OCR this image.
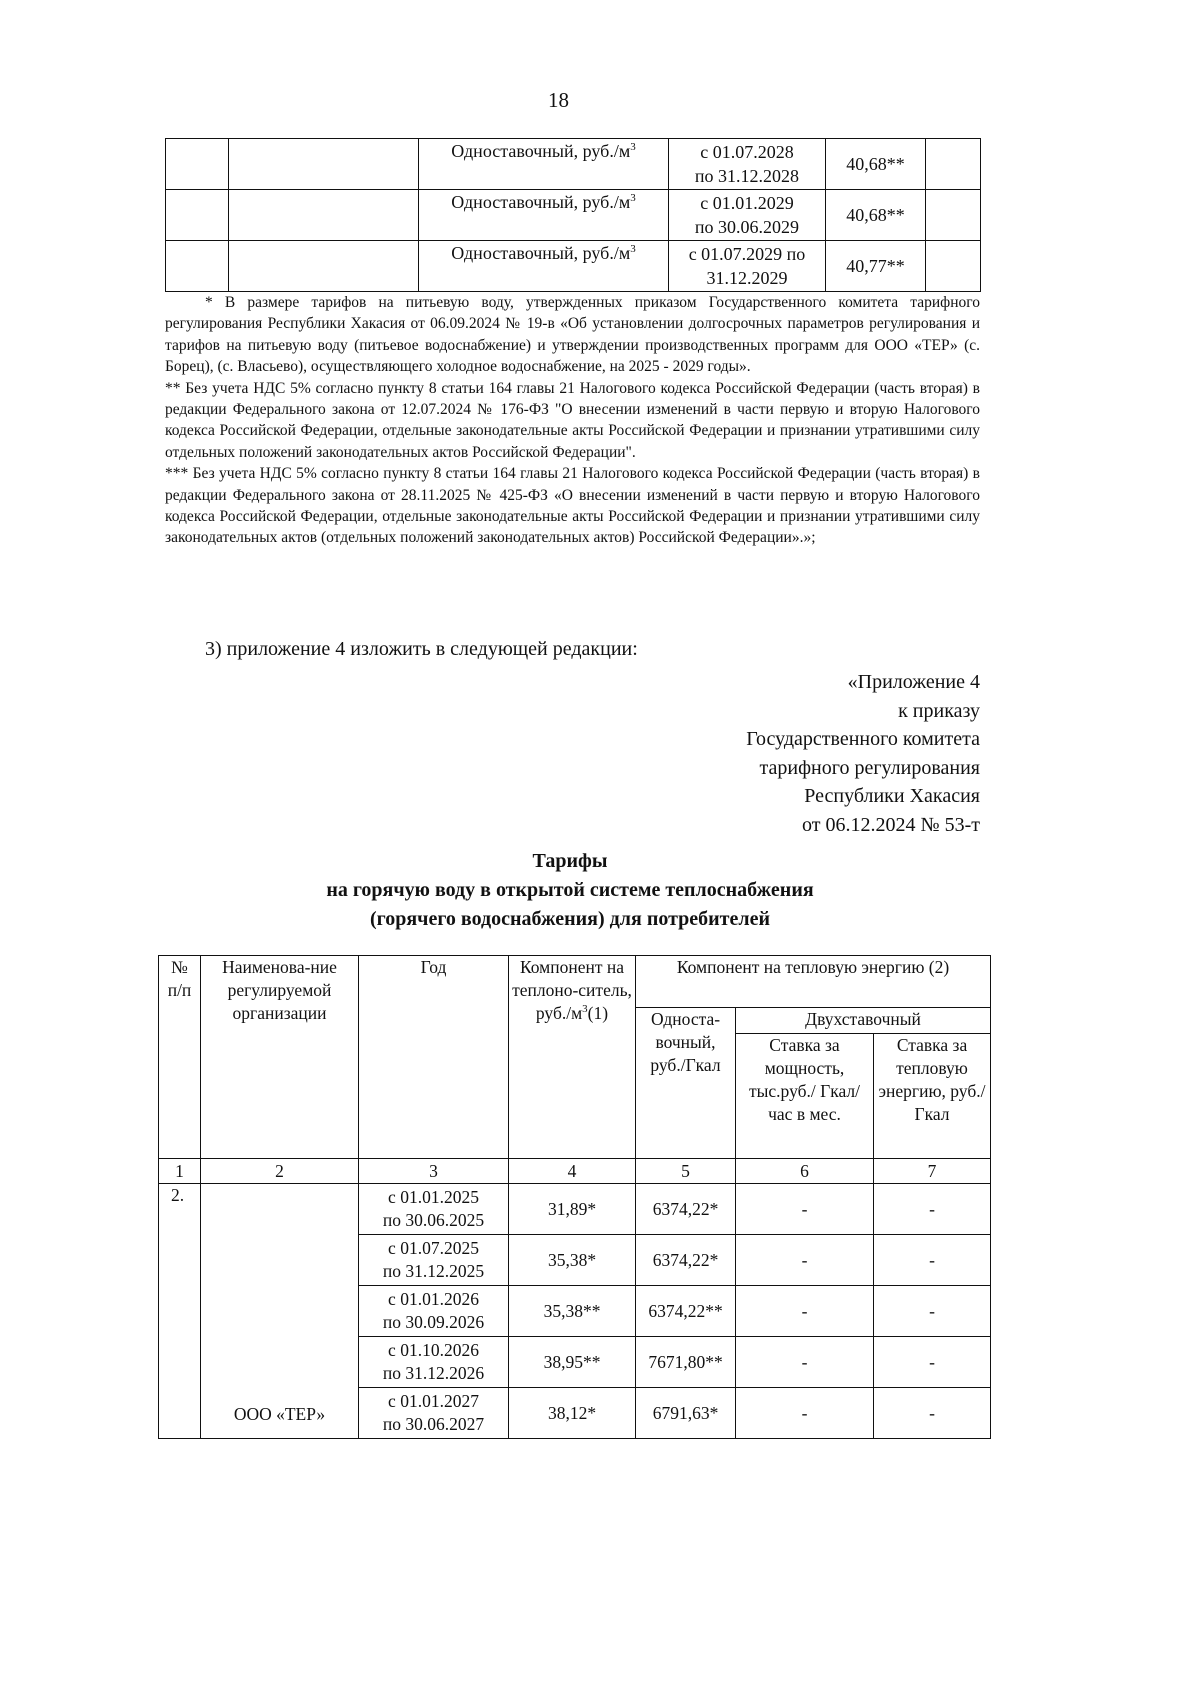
18
		Одноставочный, $руб./м^3$	с 01.07.2028
по 31.12.2028	40,68**	
		Одноставочный, $руб./м^3$	с 01.01.2029
по 30.06.2029	40,68**	
		Одноставочный, $руб./м^3$	с 01.07.2029 по
31.12.2029	40,77**	

* В размере тарифов на питьевую воду, утвержденных приказом Государственного комитета тарифного регулирования Республики Хакасия от 06.09.2024 № 19-в «Об установлении долгосрочных параметров регулирования и тарифов на питьевую воду (питьевое водоснабжение) и утверждении производственных программ для ООО «ТЕР» (с. Борец), (с. Власьево), осуществляющего холодное водоснабжение, на 2025 - 2029 годы».

** Без учета НДС 5% согласно пункту 8 статьи 164 главы 21 Налогового кодекса Российской Федерации (часть вторая) в редакции Федерального закона от 12.07.2024 № 176-ФЗ "О внесении изменений в части первую и вторую Налогового кодекса Российской Федерации, отдельные законодательные акты Российской Федерации и признании утратившими силу отдельных положений законодательных актов Российской Федерации".

*** Без учета НДС 5% согласно пункту 8 статьи 164 главы 21 Налогового кодекса Российской Федерации (часть вторая) в редакции Федерального закона от 28.11.2025 № 425-ФЗ «О внесении изменений в части первую и вторую Налогового кодекса Российской Федерации, отдельные законодательные акты Российской Федерации и признании утратившими силу законодательных актов (отдельных положений законодательных актов) Российской Федерации».»;

3) приложение 4 изложить в следующей редакции:
«Приложение 4
к приказу
Государственного комитета
тарифного регулирования
Республики Хакасия
от 06.12.2024 № 53-т
Тарифы
на горячую воду в открытой системе теплоснабжения
(горячего водоснабжения) для потребителей
№ п/п	Наименова-ние регулируемой организации	Год	Компонент на теплоно-ситель, $руб./м^3(1)$	Компонент на тепловую энергию (2)		
				Односта-вочный, руб./Гкал	Двухставочный	
					Ставка за мощность, тыс.руб./ Гкал/час в мес.	Ставка за тепловую энергию, руб./Гкал
1	2	3	4	5	6	7
2.	ООО «ТЕР»	с 01.01.2025
по 30.06.2025	31,89*	6374,22*	-	-

		с 01.07.2025
по 31.12.2025	35,38*	6374,22*	-	-

		с 01.01.2026
по 30.09.2026	35,38**	6374,22**	-	-

		с 01.10.2026
по 31.12.2026	38,95**	7671,80**	-	-

		с 01.01.2027
по 30.06.2027	38,12*	6791,63*	-	-
